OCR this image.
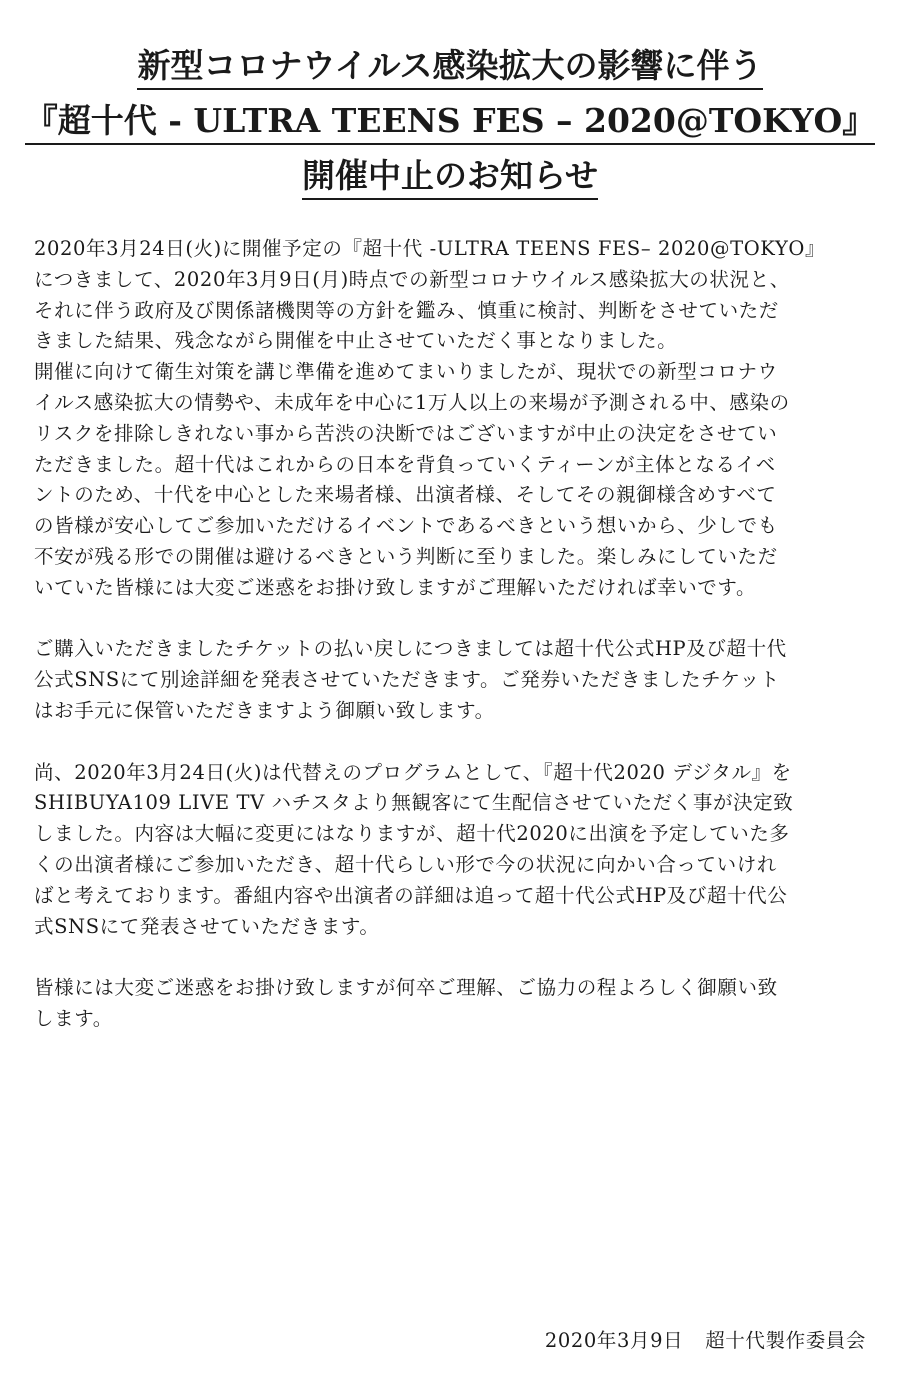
新型コロナウイルス感染拡大の影響に伴う
『超十代 - ULTRA TEENS FES – 2020@TOKYO』
開催中止のお知らせ

2020年3月24日(火)に開催予定の『超十代 -ULTRA TEENS FES– 2020@TOKYO』
につきまして、2020年3月9日(月)時点での新型コロナウイルス感染拡大の状況と、
それに伴う政府及び関係諸機関等の方針を鑑み、慎重に検討、判断をさせていただ
きました結果、残念ながら開催を中止させていただく事となりました。
開催に向けて衛生対策を講じ準備を進めてまいりましたが、現状での新型コロナウ
イルス感染拡大の情勢や、未成年を中心に1万人以上の来場が予測される中、感染の
リスクを排除しきれない事から苦渋の決断ではございますが中止の決定をさせてい
ただきました。超十代はこれからの日本を背負っていくティーンが主体となるイベ
ントのため、十代を中心とした来場者様、出演者様、そしてその親御様含めすべて
の皆様が安心してご参加いただけるイベントであるべきという想いから、少しでも
不安が残る形での開催は避けるべきという判断に至りました。楽しみにしていただ
いていた皆様には大変ご迷惑をお掛け致しますがご理解いただければ幸いです。

ご購入いただきましたチケットの払い戻しにつきましては超十代公式HP及び超十代
公式SNSにて別途詳細を発表させていただきます。ご発券いただきましたチケット
はお手元に保管いただきますよう御願い致します。

尚、2020年3月24日(火)は代替えのプログラムとして、『超十代2020 デジタル』を
SHIBUYA109 LIVE TV ハチスタより無観客にて生配信させていただく事が決定致
しました。内容は大幅に変更にはなりますが、超十代2020に出演を予定していた多
くの出演者様にご参加いただき、超十代らしい形で今の状況に向かい合っていけれ
ばと考えております。番組内容や出演者の詳細は追って超十代公式HP及び超十代公
式SNSにて発表させていただきます。

皆様には大変ご迷惑をお掛け致しますが何卒ご理解、ご協力の程よろしく御願い致
します。

2020年3月9日 超十代製作委員会
